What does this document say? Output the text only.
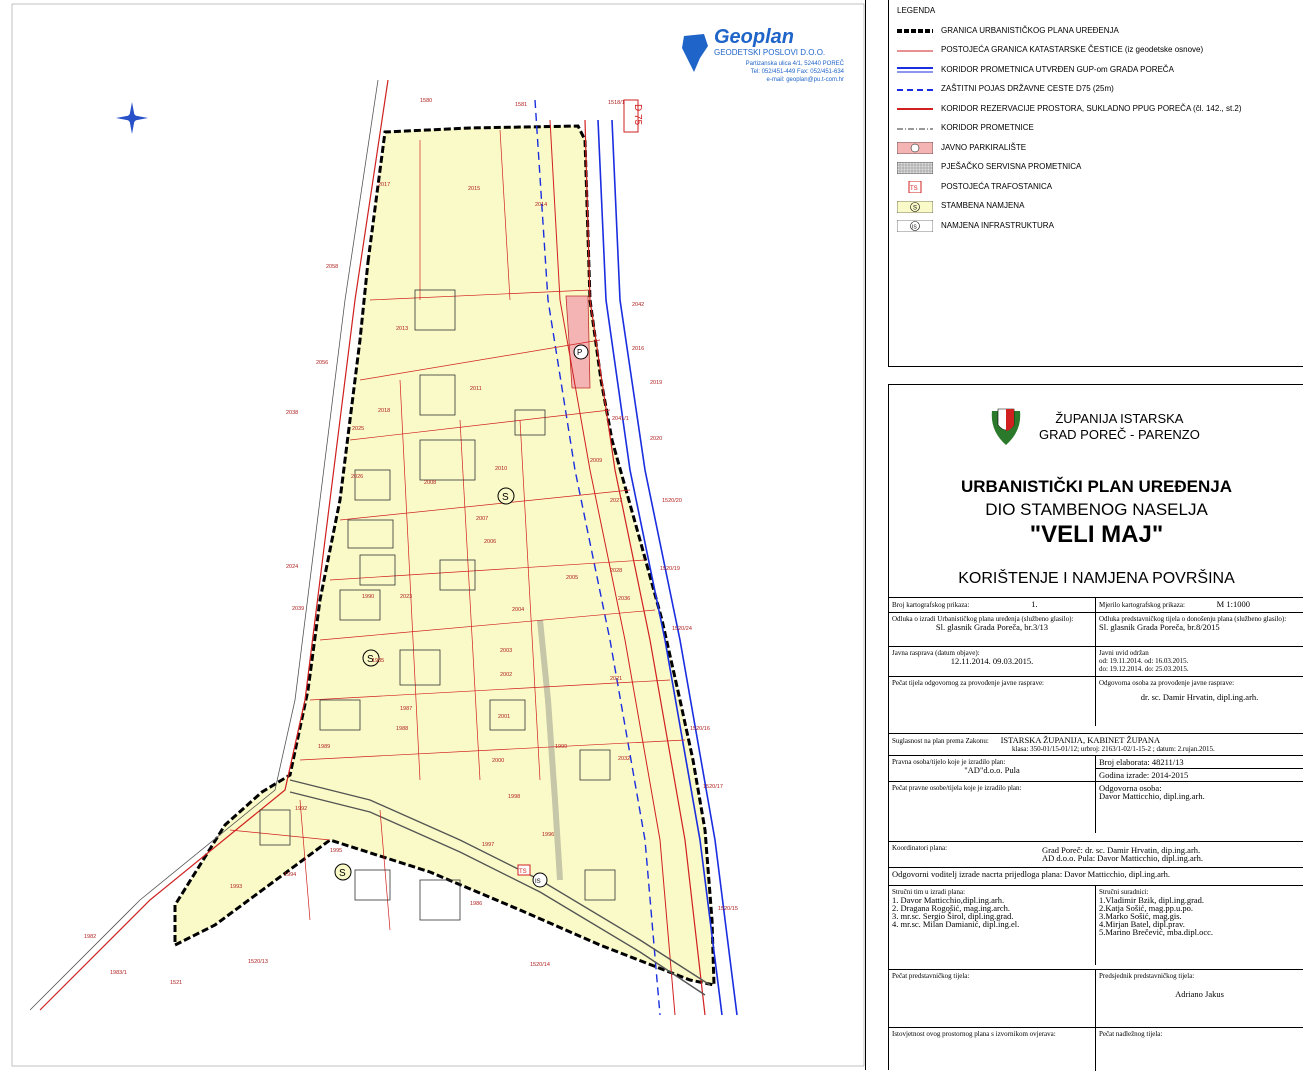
S
S
S
P
TS
IS
D 75
1580
1581	1518/1
2017
2015
2014
2013
2011
2018
2010
2009
2008
2007
2006
2005
2004
2003
2002
2001
2000
1999
1998
1997
1996
1995
1994
1993
1992
1986
1985
1987
1988
1989
1990	2023
2024
2025
2026
2027
2028
2036
2021
2032
2041/1
2042
2016
2019
2020
1520/20
1520/19
1520/24
1520/16
1520/17
1520/15
1520/14
1520/13
1521
1983/1
1982
2039
2038
2056
2058
Geoplan
GEODETSKI POSLOVI D.O.O.
Partizanska ulica 4/1, 52440 POREČ
Tel: 052/451-449 Fax: 052/451-634
e-mail: geoplan@pu.t-com.hr
LEGENDA
GRANICA URBANISTIČKOG PLANA UREĐENJA
POSTOJEĆA GRANICA KATASTARSKE ČESTICE (iz geodetske osnove)
KORIDOR PROMETNICA UTVRĐEN GUP-om GRADA POREČA
ZAŠTITNI POJAS DRŽAVNE CESTE D75 (25m)
KORIDOR REZERVACIJE PROSTORA, SUKLADNO PPUG POREČA (čl. 142., st.2)
KORIDOR PROMETNICE
JAVNO PARKIRALIŠTE
PJEŠAČKO SERVISNA PROMETNICA
TS	POSTOJEĆA TRAFOSTANICA
S	STAMBENA NAMJENA
IS	NAMJENA INFRASTRUKTURA
ŽUPANIJA ISTARSKA
GRAD POREČ - PARENZO
URBANISTIČKI PLAN UREĐENJA
DIO STAMBENOG NASELJA
"VELI MAJ"
KORIŠTENJE I NAMJENA POVRŠINA
Broj kartografskog prikaza:	1.	Mjerilo kartografskog prikaza:	M 1:1000
Odluka o izradi Urbanističkog plana uređenja (službeno glasilo):
Sl. glasnik Grada Poreča, br.3/13
Odluka predstavničkog tijela o donošenju plana (službeno glasilo):
Sl. glasnik Grada Poreča, br.8/2015
Javna rasprava (datum objave):
12.11.2014. 09.03.2015.
Javni uvid održan
od: 19.11.2014. od: 16.03.2015.
do: 19.12.2014. do: 25.03.2015.
Pečat tijela odgovornog za provođenje javne rasprave:	Odgovorna osoba za provođenje javne rasprave:
dr. sc. Damir Hrvatin, dipl.ing.arh.
Suglasnost na plan prema Zakonu: ISTARSKA ŽUPANIJA, KABINET ŽUPANA
klasa: 350-01/15-01/12; urbroj: 2163/1-02/1-15-2 ; datum: 2.rujan.2015.
Pravna osoba/tijelo koje je izradilo plan:
"AD"d.o.o. Pula
Broj elaborata: 48211/13
Godina izrade: 2014-2015
Pečat pravne osobe/tijela koje je izradilo plan:	Odgovorna osoba:
Davor Matticchio, dipl.ing.arh.
Koordinatori plana:	Grad Poreč: dr. sc. Damir Hrvatin, dip.ing.arh.
AD d.o.o. Pula: Davor Matticchio, dipl.ing.arh.
Odgovorni voditelj izrade nacrta prijedloga plana: Davor Matticchio, dipl.ing.arh.
Stručni tim u izradi plana:
1. Davor Matticchio,dipl.ing.arh.
2. Dragana Rogošić, mag.ing.arch.
3. mr.sc. Sergio Širol, dipl.ing.grad.
4. mr.sc. Milan Damianić, dipl.ing.el.
Stručni suradnici:
1.Vladimir Bzik, dipl.ing.grad.
2.Katja Sošić, mag.pp.u.po.
3.Marko Sošić, mag.gis.
4.Mirjan Batel, dipl.prav.
5.Marino Brečević, mba.dipl.occ.
Pečat predstavničkog tijela:	Predsjednik predstavničkog tijela:
Adriano Jakus
Istovjetnost ovog prostornog plana s izvornikom ovjerava:	Pečat nadležnog tijela:
